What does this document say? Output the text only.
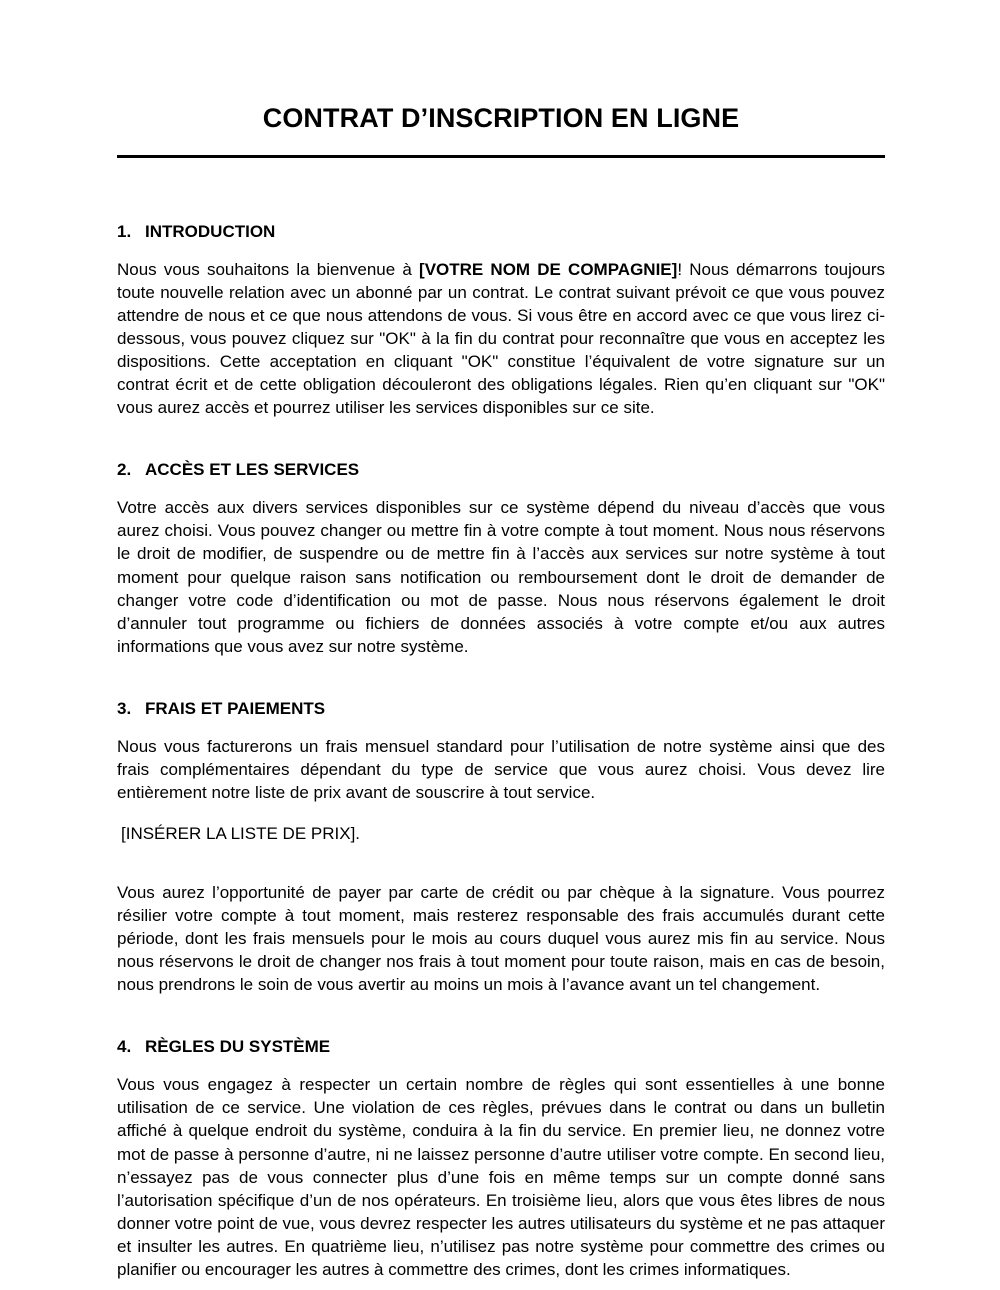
CONTRAT D’INSCRIPTION EN LIGNE
1. INTRODUCTION

Nous vous souhaitons la bienvenue à [VOTRE NOM DE COMPAGNIE]! Nous démarrons toujours toute nouvelle relation avec un abonné par un contrat. Le contrat suivant prévoit ce que vous pouvez attendre de nous et ce que nous attendons de vous. Si vous être en accord avec ce que vous lirez ci-dessous, vous pouvez cliquez sur "OK" à la fin du contrat pour reconnaître que vous en acceptez les dispositions. Cette acceptation en cliquant "OK" constitue l’équivalent de votre signature sur un contrat écrit et de cette obligation découleront des obligations légales. Rien qu’en cliquant sur "OK" vous aurez accès et pourrez utiliser les services disponibles sur ce site.

2. ACCÈS ET LES SERVICES

Votre accès aux divers services disponibles sur ce système dépend du niveau d’accès que vous aurez choisi. Vous pouvez changer ou mettre fin à votre compte à tout moment. Nous nous réservons le droit de modifier, de suspendre ou de mettre fin à l’accès aux services sur notre système à tout moment pour quelque raison sans notification ou remboursement dont le droit de demander de changer votre code d’identification ou mot de passe. Nous nous réservons également le droit d’annuler tout programme ou fichiers de données associés à votre compte et/ou aux autres informations que vous avez sur notre système.

3. FRAIS ET PAIEMENTS

Nous vous facturerons un frais mensuel standard pour l’utilisation de notre système ainsi que des frais complémentaires dépendant du type de service que vous aurez choisi. Vous devez lire entièrement notre liste de prix avant de souscrire à tout service.

[INSÉRER LA LISTE DE PRIX].

Vous aurez l’opportunité de payer par carte de crédit ou par chèque à la signature. Vous pourrez résilier votre compte à tout moment, mais resterez responsable des frais accumulés durant cette période, dont les frais mensuels pour le mois au cours duquel vous aurez mis fin au service. Nous nous réservons le droit de changer nos frais à tout moment pour toute raison, mais en cas de besoin, nous prendrons le soin de vous avertir au moins un mois à l’avance avant un tel changement.

4. RÈGLES DU SYSTÈME

Vous vous engagez à respecter un certain nombre de règles qui sont essentielles à une bonne utilisation de ce service. Une violation de ces règles, prévues dans le contrat ou dans un bulletin affiché à quelque endroit du système, conduira à la fin du service. En premier lieu, ne donnez votre mot de passe à personne d’autre, ni ne laissez personne d’autre utiliser votre compte. En second lieu, n’essayez pas de vous connecter plus d’une fois en même temps sur un compte donné sans l’autorisation spécifique d’un de nos opérateurs. En troisième lieu, alors que vous êtes libres de nous donner votre point de vue, vous devrez respecter les autres utilisateurs du système et ne pas attaquer et insulter les autres. En quatrième lieu, n’utilisez pas notre système pour commettre des crimes ou planifier ou encourager les autres à commettre des crimes, dont les crimes informatiques.
